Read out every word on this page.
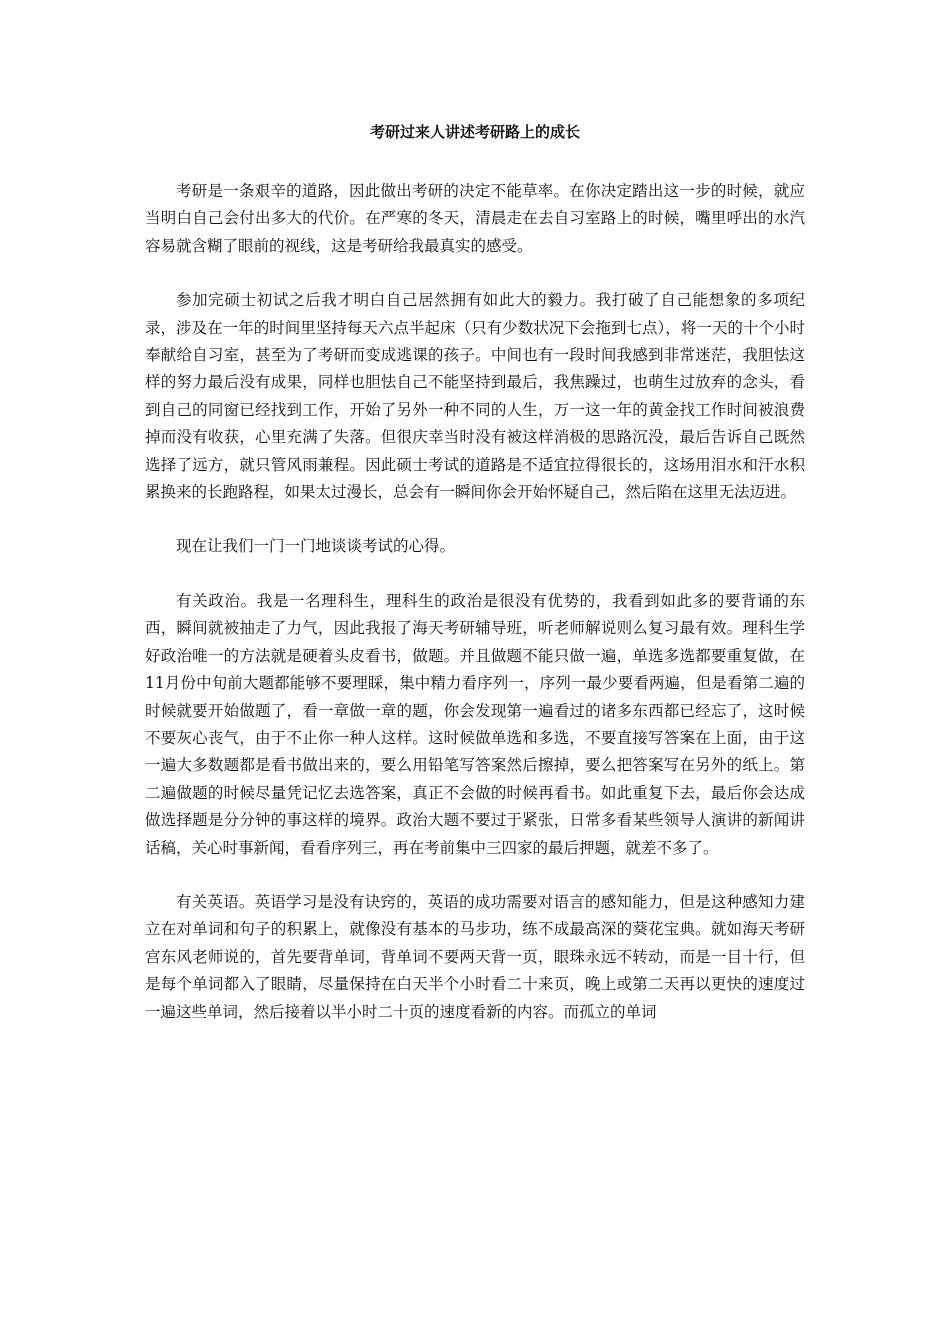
考研过来人讲述考研路上的成长

考研是一条艰辛的道路，因此做出考研的决定不能草率。在你决定踏出这一步的时候，就应当明白自己会付出多大的代价。在严寒的冬天，清晨走在去自习室路上的时候，嘴里呼出的水汽容易就含糊了眼前的视线，这是考研给我最真实的感受。

参加完硕士初试之后我才明白自己居然拥有如此大的毅力。我打破了自己能想象的多项纪录，涉及在一年的时间里坚持每天六点半起床（只有少数状况下会拖到七点），将一天的十个小时奉献给自习室，甚至为了考研而变成逃课的孩子。中间也有一段时间我感到非常迷茫，我胆怯这样的努力最后没有成果，同样也胆怯自己不能坚持到最后，我焦躁过，也萌生过放弃的念头，看到自己的同窗已经找到工作，开始了另外一种不同的人生，万一这一年的黄金找工作时间被浪费掉而没有收获，心里充满了失落。但很庆幸当时没有被这样消极的思路沉没，最后告诉自己既然选择了远方，就只管风雨兼程。因此硕士考试的道路是不适宜拉得很长的，这场用泪水和汗水积累换来的长跑路程，如果太过漫长，总会有一瞬间你会开始怀疑自己，然后陷在这里无法迈进。

现在让我们一门一门地谈谈考试的心得。

有关政治。我是一名理科生，理科生的政治是很没有优势的，我看到如此多的要背诵的东西，瞬间就被抽走了力气，因此我报了海天考研辅导班，听老师解说则么复习最有效。理科生学好政治唯一的方法就是硬着头皮看书，做题。并且做题不能只做一遍，单选多选都要重复做，在11月份中旬前大题都能够不要理睬，集中精力看序列一，序列一最少要看两遍，但是看第二遍的时候就要开始做题了，看一章做一章的题，你会发现第一遍看过的诸多东西都已经忘了，这时候不要灰心丧气，由于不止你一种人这样。这时候做单选和多选，不要直接写答案在上面，由于这一遍大多数题都是看书做出来的，要么用铅笔写答案然后擦掉，要么把答案写在另外的纸上。第二遍做题的时候尽量凭记忆去选答案，真正不会做的时候再看书。如此重复下去，最后你会达成做选择题是分分钟的事这样的境界。政治大题不要过于紧张，日常多看某些领导人演讲的新闻讲话稿，关心时事新闻，看看序列三，再在考前集中三四家的最后押题，就差不多了。

有关英语。英语学习是没有诀窍的，英语的成功需要对语言的感知能力，但是这种感知力建立在对单词和句子的积累上，就像没有基本的马步功，练不成最高深的葵花宝典。就如海天考研宫东风老师说的，首先要背单词，背单词不要两天背一页，眼珠永远不转动，而是一目十行，但是每个单词都入了眼睛，尽量保持在白天半个小时看二十来页，晚上或第二天再以更快的速度过一遍这些单词，然后接着以半小时二十页的速度看新的内容。而孤立的单词
